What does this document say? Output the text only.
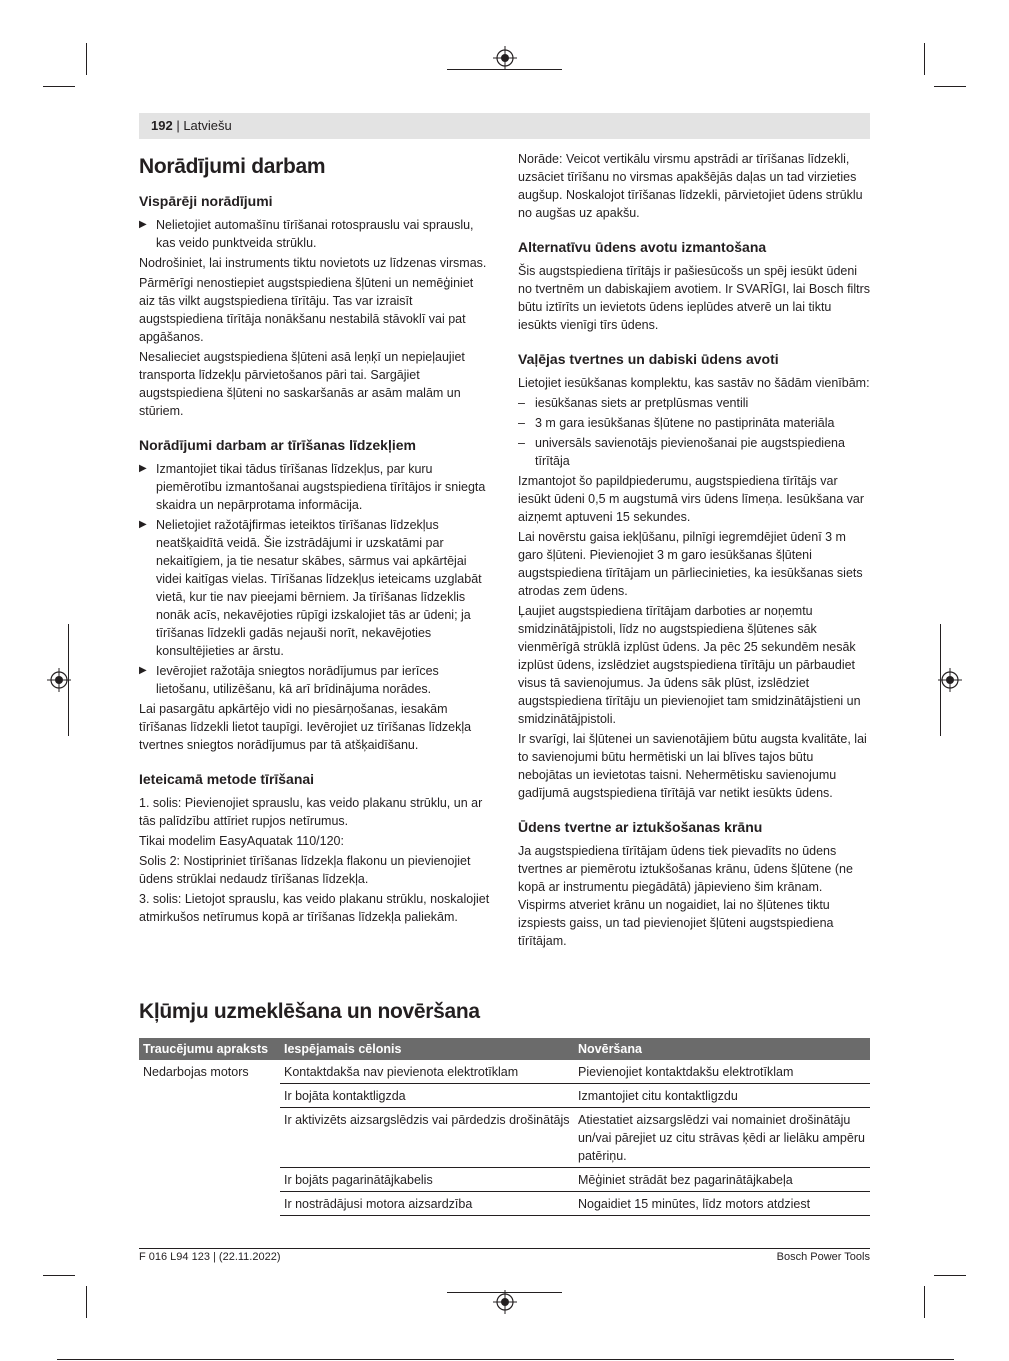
192 | Latviešu
Norādījumi darbam
Vispārēji norādījumi
▶ Nelietojiet automašīnu tīrīšanai rotosprauslu vai sprauslu, kas veido punktveida strūklu.

Nodrošiniet, lai instruments tiktu novietots uz līdzenas virsmas.

Pārmērīgi nenostiepiet augstspiediena šļūteni un nemēģiniet aiz tās vilkt augstspiediena tīrītāju. Tas var izraisīt augstspiediena tīrītāja nonākšanu nestabilā stāvoklī vai pat apgāšanos.

Nesalieciet augstspiediena šļūteni asā leņķī un nepieļaujiet transporta līdzekļu pārvietošanos pāri tai. Sargājiet augstspiediena šļūteni no saskaršanās ar asām malām un stūriem.

Norādījumi darbam ar tīrīšanas līdzekļiem
▶ Izmantojiet tikai tādus tīrīšanas līdzekļus, par kuru piemērotību izmantošanai augstspiediena tīrītājos ir sniegta skaidra un nepārprotama informācija.
▶ Nelietojiet ražotājfirmas ieteiktos tīrīšanas līdzekļus neatšķaidītā veidā. Šie izstrādājumi ir uzskatāmi par nekaitīgiem, ja tie nesatur skābes, sārmus vai apkārtējai videi kaitīgas vielas. Tīrīšanas līdzekļus ieteicams uzglabāt vietā, kur tie nav pieejami bērniem. Ja tīrīšanas līdzeklis nonāk acīs, nekavējoties rūpīgi izskalojiet tās ar ūdeni; ja tīrīšanas līdzekli gadās nejauši norīt, nekavējoties konsultējieties ar ārstu.
▶ Ievērojiet ražotāja sniegtos norādījumus par ierīces lietošanu, utilizēšanu, kā arī brīdinājuma norādes.

Lai pasargātu apkārtējo vidi no piesārņošanas, iesakām tīrīšanas līdzekli lietot taupīgi. Ievērojiet uz tīrīšanas līdzekļa tvertnes sniegtos norādījumus par tā atšķaidīšanu.

Ieteicamā metode tīrīšanai

1. solis: Pievienojiet sprauslu, kas veido plakanu strūklu, un ar tās palīdzību attīriet rupjos netīrumus.

Tikai modelim EasyAquatak 110/120:

Solis 2: Nostipriniet tīrīšanas līdzekļa flakonu un pievienojiet ūdens strūklai nedaudz tīrīšanas līdzekļa.

3. solis: Lietojot sprauslu, kas veido plakanu strūklu, noskalojiet atmirkušos netīrumus kopā ar tīrīšanas līdzekļa paliekām.

Norāde: Veicot vertikālu virsmu apstrādi ar tīrīšanas līdzekli, uzsāciet tīrīšanu no virsmas apakšējās daļas un tad virzieties augšup. Noskalojot tīrīšanas līdzekli, pārvietojiet ūdens strūklu no augšas uz apakšu.

Alternatīvu ūdens avotu izmantošana

Šis augstspiediena tīrītājs ir pašiesūcošs un spēj iesūkt ūdeni no tvertnēm un dabiskajiem avotiem. Ir SVARĪGI, lai Bosch filtrs būtu iztīrīts un ievietots ūdens ieplūdes atverē un lai tiktu iesūkts vienīgi tīrs ūdens.

Vaļējas tvertnes un dabiski ūdens avoti

Lietojiet iesūkšanas komplektu, kas sastāv no šādām vienībām:

– iesūkšanas siets ar pretplūsmas ventili
– 3 m gara iesūkšanas šļūtene no pastiprināta materiāla
– universāls savienotājs pievienošanai pie augstspiediena tīrītāja

Izmantojot šo papildpiederumu, augstspiediena tīrītājs var iesūkt ūdeni 0,5 m augstumā virs ūdens līmeņa. Iesūkšana var aizņemt aptuveni 15 sekundes.

Lai novērstu gaisa iekļūšanu, pilnīgi iegremdējiet ūdenī 3 m garo šļūteni. Pievienojiet 3 m garo iesūkšanas šļūteni augstspiediena tīrītājam un pārliecinieties, ka iesūkšanas siets atrodas zem ūdens.

Ļaujiet augstspiediena tīrītājam darboties ar noņemtu smidzinātājpistoli, līdz no augstspiediena šļūtenes sāk vienmērīgā strūklā izplūst ūdens. Ja pēc 25 sekundēm nesāk izplūst ūdens, izslēdziet augstspiediena tīrītāju un pārbaudiet visus tā savienojumus. Ja ūdens sāk plūst, izslēdziet augstspiediena tīrītāju un pievienojiet tam smidzinātājstieni un smidzinātājpistoli.

Ir svarīgi, lai šļūtenei un savienotājiem būtu augsta kvalitāte, lai to savienojumi būtu hermētiski un lai blīves tajos būtu nebojātas un ievietotas taisni. Nehermētisku savienojumu gadījumā augstspiediena tīrītājā var netikt iesūkts ūdens.

Ūdens tvertne ar iztukšošanas krānu

Ja augstspiediena tīrītājam ūdens tiek pievadīts no ūdens tvertnes ar piemērotu iztukšošanas krānu, ūdens šļūtene (ne kopā ar instrumentu piegādātā) jāpievieno šim krānam. Vispirms atveriet krānu un nogaidiet, lai no šļūtenes tiktu izspiests gaiss, un tad pievienojiet šļūteni augstspiediena tīrītājam.

Kļūmju uzmeklēšana un novēršana
Traucējumu apraksts	Iespējamais cēlonis	Novēršana
Nedarbojas motors	Kontaktdakša nav pievienota elektrotīklam	Pievienojiet kontaktdakšu elektrotīklam
	Ir bojāta kontaktligzda	Izmantojiet citu kontaktligzdu
	Ir aktivizēts aizsargslēdzis vai pārdedzis drošinātājs	Atiestatiet aizsargslēdzi vai nomainiet drošinātāju un/vai pārejiet uz citu strāvas ķēdi ar lielāku ampēru patēriņu.
	Ir bojāts pagarinātājkabelis	Mēģiniet strādāt bez pagarinātājkabeļa
	Ir nostrādājusi motora aizsardzība	Nogaidiet 15 minūtes, līdz motors atdziest
F 016 L94 123 | (22.11.2022)	Bosch Power Tools
